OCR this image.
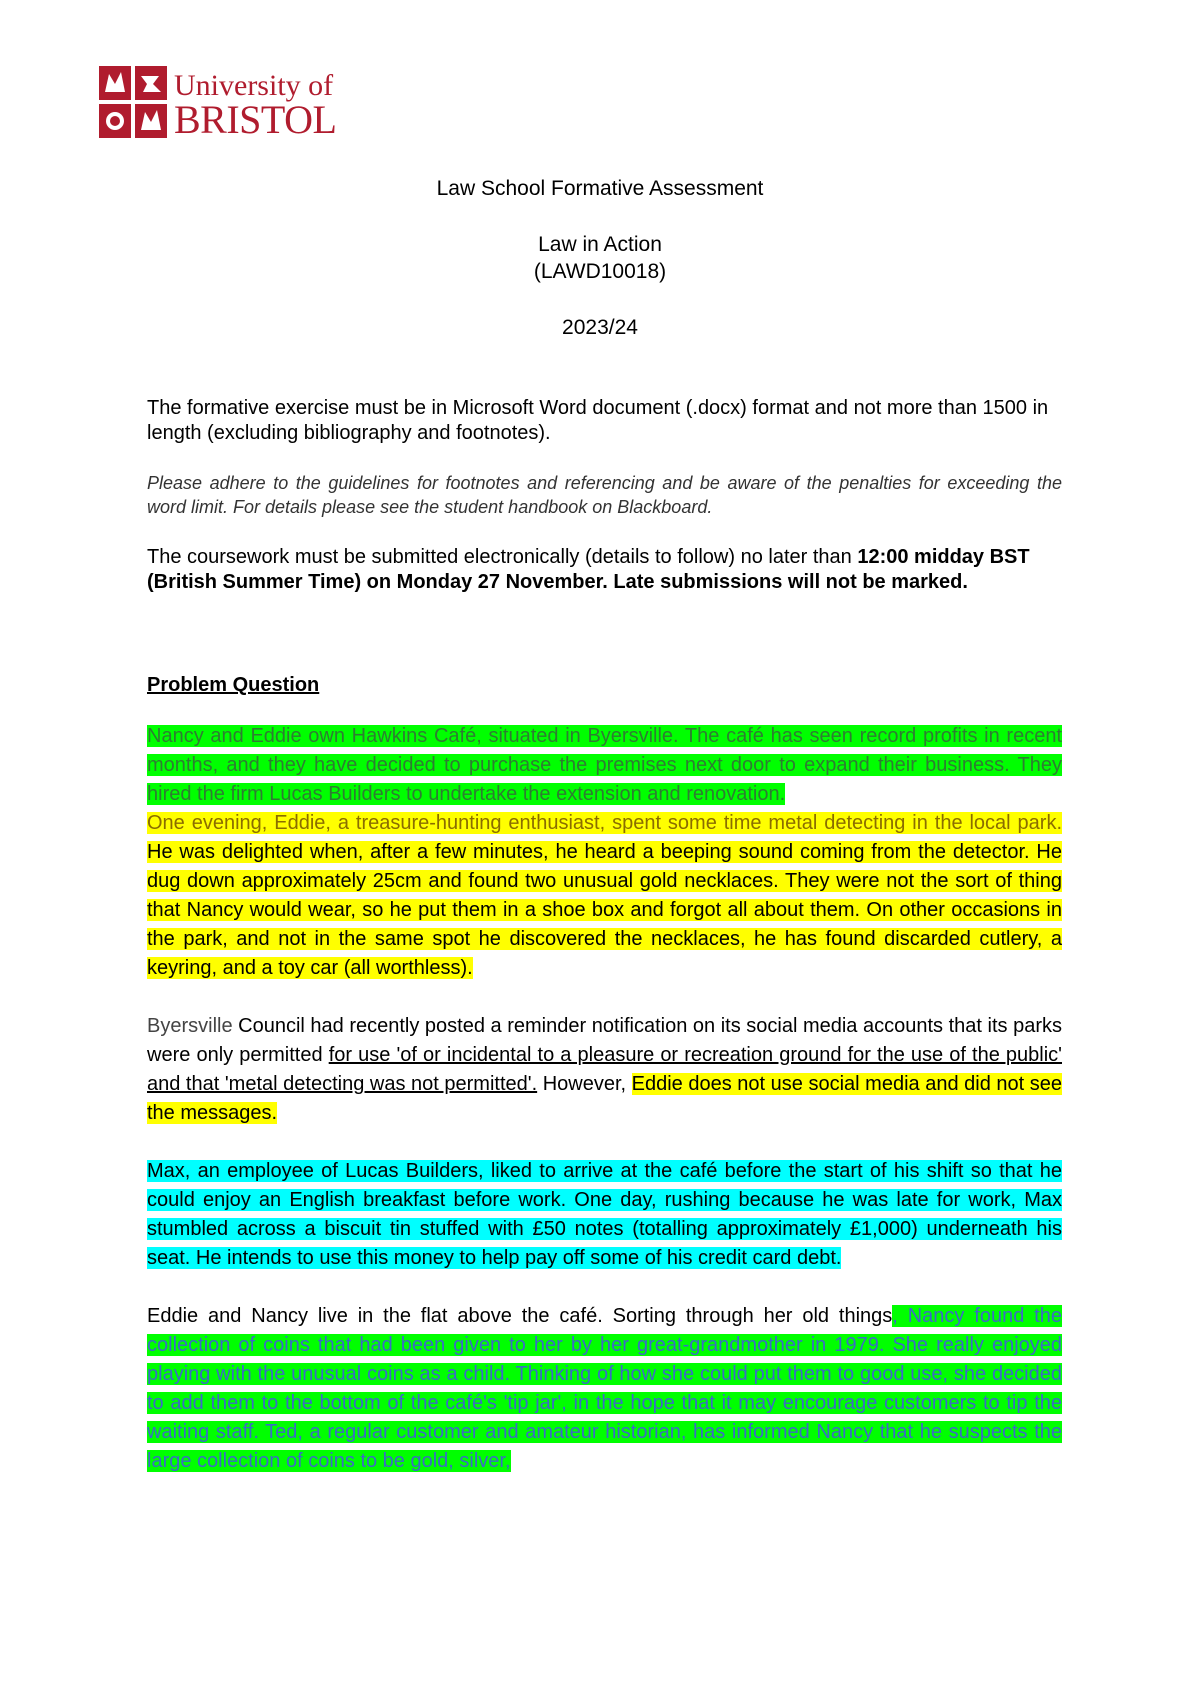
University of
BRISTOL
Law School Formative Assessment
Law in Action
(LAWD10018)
2023/24

The formative exercise must be in Microsoft Word document (.docx) format and not more than 1500 in length (excluding bibliography and footnotes).

Please adhere to the guidelines for footnotes and referencing and be aware of the penalties for exceeding the word limit. For details please see the student handbook on Blackboard.

The coursework must be submitted electronically (details to follow) no later than 12:00 midday BST (British Summer Time) on Monday 27 November. Late submissions will not be marked.

Problem Question

Nancy and Eddie own Hawkins Café, situated in Byersville. The café has seen record profits in recent months, and they have decided to purchase the premises next door to expand their business. They hired the firm Lucas Builders to undertake the extension and renovation.

One evening, Eddie, a treasure-hunting enthusiast, spent some time metal detecting in the local park. He was delighted when, after a few minutes, he heard a beeping sound coming from the detector. He dug down approximately 25cm and found two unusual gold necklaces. They were not the sort of thing that Nancy would wear, so he put them in a shoe box and forgot all about them. On other occasions in the park, and not in the same spot he discovered the necklaces, he has found discarded cutlery, a keyring, and a toy car (all worthless).

Byersville Council had recently posted a reminder notification on its social media accounts that its parks were only permitted for use 'of or incidental to a pleasure or recreation ground for the use of the public' and that 'metal detecting was not permitted'. However, Eddie does not use social media and did not see the messages.

Max, an employee of Lucas Builders, liked to arrive at the café before the start of his shift so that he could enjoy an English breakfast before work. One day, rushing because he was late for work, Max stumbled across a biscuit tin stuffed with £50 notes (totalling approximately £1,000) underneath his seat. He intends to use this money to help pay off some of his credit card debt.

Eddie and Nancy live in the flat above the café. Sorting through her old things, Nancy found the collection of coins that had been given to her by her great-grandmother in 1979. She really enjoyed playing with the unusual coins as a child. Thinking of how she could put them to good use, she decided to add them to the bottom of the café's 'tip jar', in the hope that it may encourage customers to tip the waiting staff. Ted, a regular customer and amateur historian, has informed Nancy that he suspects the large collection of coins to be gold, silver,
